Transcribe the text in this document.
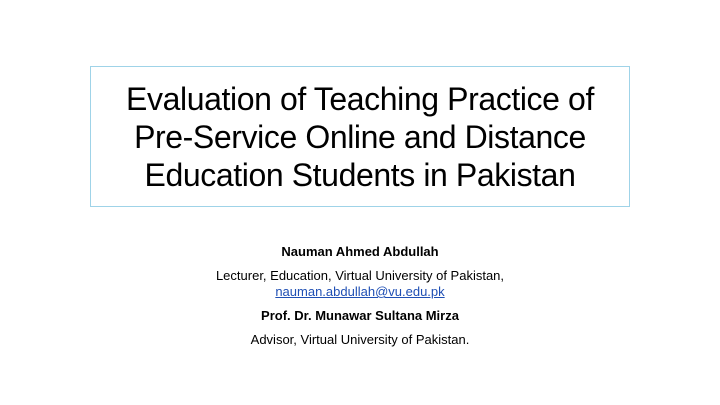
Evaluation of Teaching Practice of
Pre-Service Online and Distance
Education Students in Pakistan
Nauman Ahmed Abdullah
Lecturer, Education, Virtual University of Pakistan,
nauman.abdullah@vu.edu.pk
Prof. Dr. Munawar Sultana Mirza
Advisor, Virtual University of Pakistan.
